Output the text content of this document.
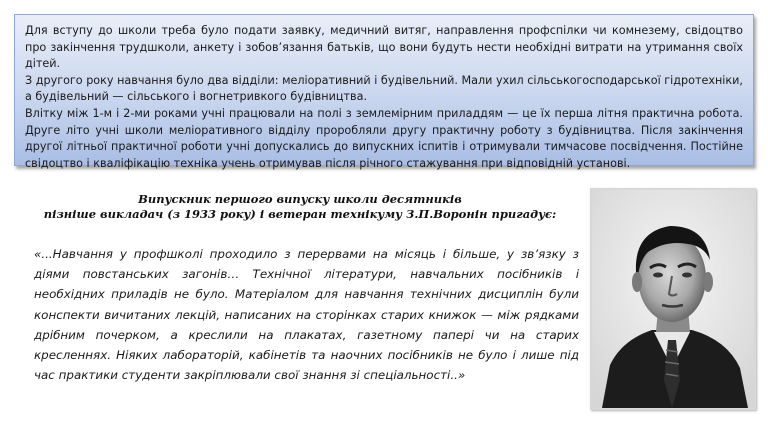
Для вступу до школи треба було подати заявку, медичний витяг, направлення профспілки чи комнезему, свідоцтво про закінчення трудшколи, анкету і зобов’язання батьків, що вони будуть нести необхідні витрати на утримання своїх дітей.

З другого року навчання було два відділи: меліоративний і будівельний. Мали ухил сільськогосподарської гідротехніки, а будівельний — сільського і вогнетривкого будівництва.

Влітку між 1-м і 2-ми роками учні працювали на полі з землемірним приладдям — це їх перша літня практична робота. Друге літо учні школи меліоративного відділу проробляли другу практичну роботу з будівництва. Після закінчення другої літньої практичної роботи учні допускались до випускних іспитів і отримували тимчасове посвідчення. Постійне свідоцтво і кваліфікацію техніка учень отримував після річного стажування при відповідній установі.

Випускник першого випуску школи десятників
пізніше викладач (з 1933 року) і ветеран технікуму З.П.Воронін пригадує:
«...Навчання у профшколі проходило з перервами на місяць і більше, у зв’язку з діями повстанських загонів… Технічної літератури, навчальних посібників і необхідних приладів не було. Матеріалом для навчання технічних дисциплін були конспекти вичитаних лекцій, написаних на сторінках старих книжок — між рядками дрібним почерком, а креслили на плакатах, газетному папері чи на старих кресленнях. Ніяких лабораторій, кабінетів та наочних посібників не було і лише під час практики студенти закріплювали свої знання зі спеціальності..»
